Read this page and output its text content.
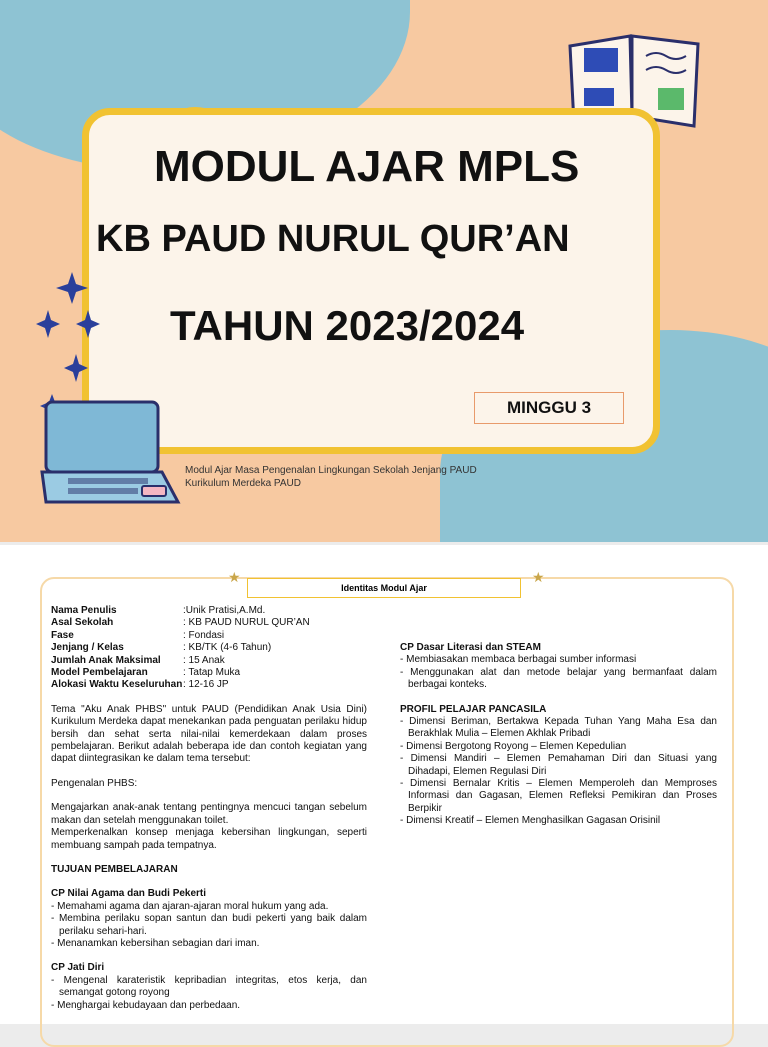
MODUL AJAR MPLS
KB PAUD NURUL QUR’AN
TAHUN 2023/2024
MINGGU 3
Modul Ajar Masa Pengenalan Lingkungan Sekolah Jenjang PAUD
Kurikulum Merdeka PAUD
★	★
Identitas Modul Ajar
Nama Penulis	:Unik Pratisi,A.Md.
Asal Sekolah	: KB PAUD NURUL QUR’AN
Fase	: Fondasi
Jenjang / Kelas	: KB/TK (4-6 Tahun)
Jumlah Anak Maksimal	: 15 Anak
Model Pembelajaran	: Tatap Muka
Alokasi Waktu Keseluruhan : 12-16 JP

Tema "Aku Anak PHBS" untuk PAUD (Pendidikan Anak Usia Dini) Kurikulum Merdeka dapat menekankan pada penguatan perilaku hidup bersih dan sehat serta nilai-nilai kemerdekaan dalam proses pembelajaran. Berikut adalah beberapa ide dan contoh kegiatan yang dapat diintegrasikan ke dalam tema tersebut:

Pengenalan PHBS:

Mengajarkan anak-anak tentang pentingnya mencuci tangan sebelum makan dan setelah menggunakan toilet.

Memperkenalkan konsep menjaga kebersihan lingkungan, seperti membuang sampah pada tempatnya.

TUJUAN PEMBELAJARAN
CP Nilai Agama dan Budi Pekerti
- Memahami agama dan ajaran-ajaran moral hukum yang ada.
- Membina perilaku sopan santun dan budi pekerti yang baik dalam perilaku sehari-hari.
- Menanamkan kebersihan sebagian dari iman.
CP Jati Diri
- Mengenal karateristik kepribadian integritas, etos kerja, dan semangat gotong royong
- Menghargai kebudayaan dan perbedaan.
CP Dasar Literasi dan STEAM
- Membiasakan membaca berbagai sumber informasi
- Menggunakan alat dan metode belajar yang bermanfaat dalam berbagai konteks.
PROFIL PELAJAR PANCASILA
- Dimensi Beriman, Bertakwa Kepada Tuhan Yang Maha Esa dan Berakhlak Mulia – Elemen Akhlak Pribadi
- Dimensi Bergotong Royong – Elemen Kepedulian
- Dimensi Mandiri – Elemen Pemahaman Diri dan Situasi yang Dihadapi, Elemen Regulasi Diri
- Dimensi Bernalar Kritis – Elemen Memperoleh dan Memproses Informasi dan Gagasan, Elemen Refleksi Pemikiran dan Proses Berpikir
- Dimensi Kreatif – Elemen Menghasilkan Gagasan Orisinil
